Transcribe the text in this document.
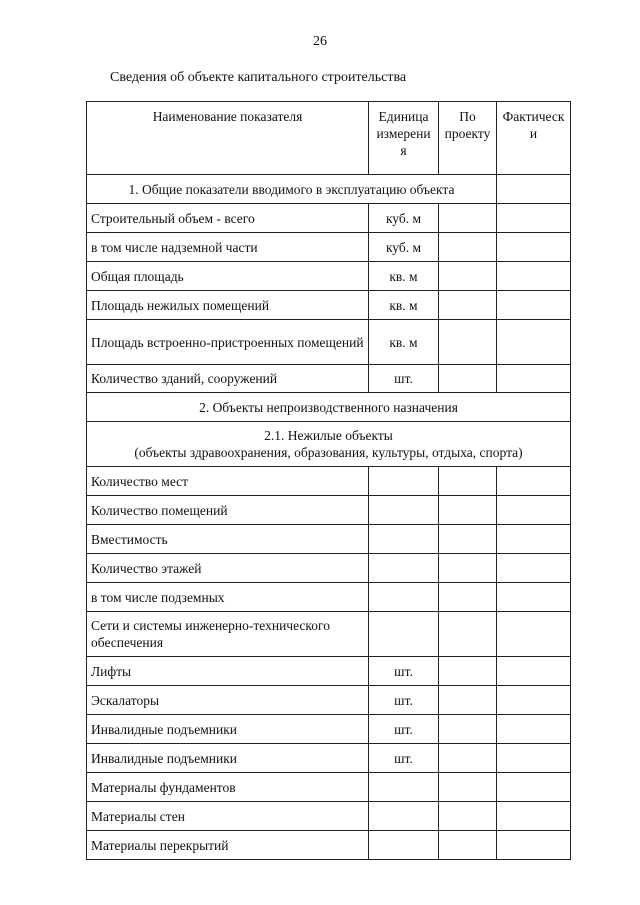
26
Сведения об объекте капитального строительства
Наименование показателя	Единица измерени я	По проекту	Фактическ и
1. Общие показатели вводимого в эксплуатацию объекта			
Строительный объем - всего	куб. м		
в том числе надземной части	куб. м		
Общая площадь	кв. м		
Площадь нежилых помещений	кв. м		
Площадь встроенно-пристроенных помещений	кв. м		
Количество зданий, сооружений	шт.		
2. Объекты непроизводственного назначения			

2.1. Нежилые объекты
(объекты здравоохранения, образования, культуры, отдыха, спорта)			

Количество мест			
Количество помещений			
Вместимость			
Количество этажей			
в том числе подземных			
Сети и системы инженерно-технического обеспечения			
Лифты	шт.		
Эскалаторы	шт.		
Инвалидные подъемники	шт.		
Инвалидные подъемники	шт.		
Материалы фундаментов			
Материалы стен			
Материалы перекрытий			
